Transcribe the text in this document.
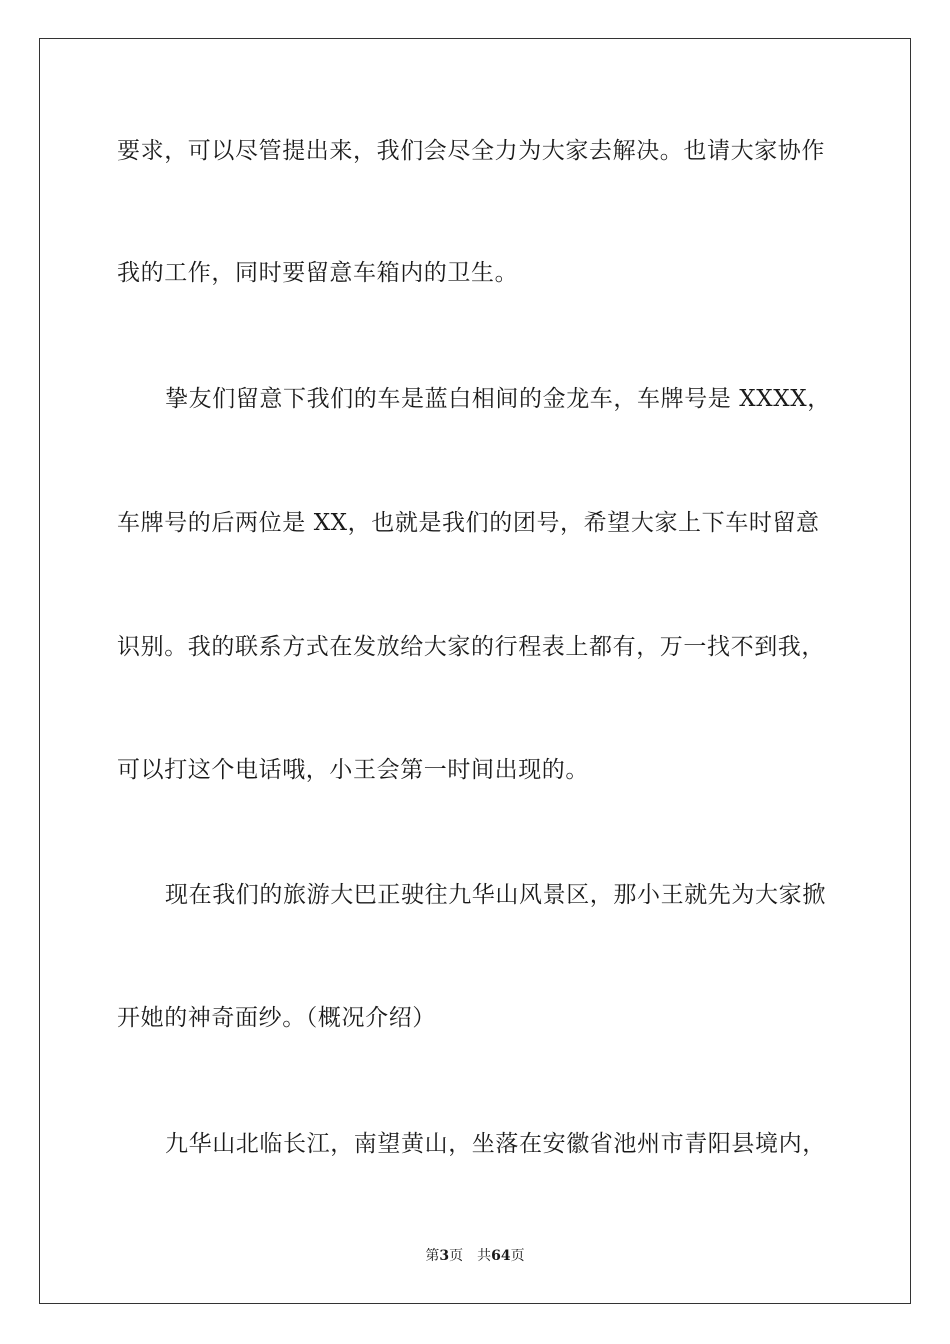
要求，可以尽管提出来，我们会尽全力为大家去解决。也请大家协作

我的工作，同时要留意车箱内的卫生。

挚友们留意下我们的车是蓝白相间的金龙车，车牌号是 XXXX，

车牌号的后两位是 XX，也就是我们的团号，希望大家上下车时留意

识别。我的联系方式在发放给大家的行程表上都有，万一找不到我，

可以打这个电话哦，小王会第一时间出现的。

现在我们的旅游大巴正驶往九华山风景区，那小王就先为大家掀

开她的神奇面纱。（概况介绍）

九华山北临长江，南望黄山，坐落在安徽省池州市青阳县境内，

第3页　共64页
